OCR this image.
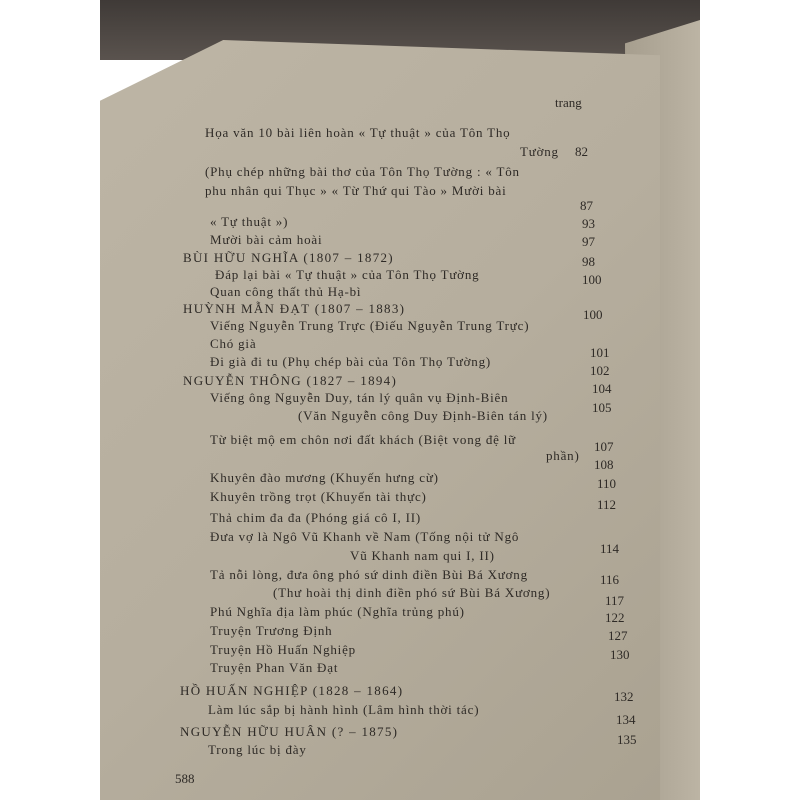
trang
Họa văn 10 bài liên hoàn « Tự thuật » của Tôn Thọ
Tường
(Phụ chép những bài thơ của Tôn Thọ Tường : « Tôn
phu nhân qui Thục » « Từ Thứ qui Tào » Mười bài
« Tự thuật »)
Mười bài cảm hoài
BÙI HỮU NGHĨA (1807 – 1872)
Đáp lại bài « Tự thuật » của Tôn Thọ Tường
Quan công thất thủ Hạ-bì
HUỲNH MẪN ĐẠT (1807 – 1883)
Viếng Nguyễn Trung Trực (Điếu Nguyễn Trung Trực)
Chó già
Đi già đi tu (Phụ chép bài của Tôn Thọ Tường)
NGUYỄN THÔNG (1827 – 1894)
Viếng ông Nguyễn Duy, tán lý quân vụ Định-Biên
(Văn Nguyễn công Duy Định-Biên tán lý)
Từ biệt mộ em chôn nơi đất khách (Biệt vong đệ lữ
phần)
Khuyên đào mương (Khuyến hưng cừ)
Khuyên trồng trọt (Khuyến tài thực)
Thả chim đa đa (Phóng giá cô I, II)
Đưa vợ là Ngô Vũ Khanh về Nam (Tống nội tử Ngô
Vũ Khanh nam qui I, II)
Tả nỗi lòng, đưa ông phó sứ dinh điền Bùi Bá Xương
(Thư hoài thị dinh điền phó sứ Bùi Bá Xương)
Phú Nghĩa địa làm phúc (Nghĩa trủng phú)
Truyện Trương Định
Truyện Hồ Huấn Nghiệp
Truyện Phan Văn Đạt
HỒ HUẤN NGHIỆP (1828 – 1864)
Làm lúc sắp bị hành hình (Lâm hình thời tác)
NGUYỄN HỮU HUÂN (? – 1875)
Trong lúc bị đày
82
87
93
97
98
100
100
101
102
104
105
107
108
110
112
114
116
117
122
127
130
132
134
135
588
